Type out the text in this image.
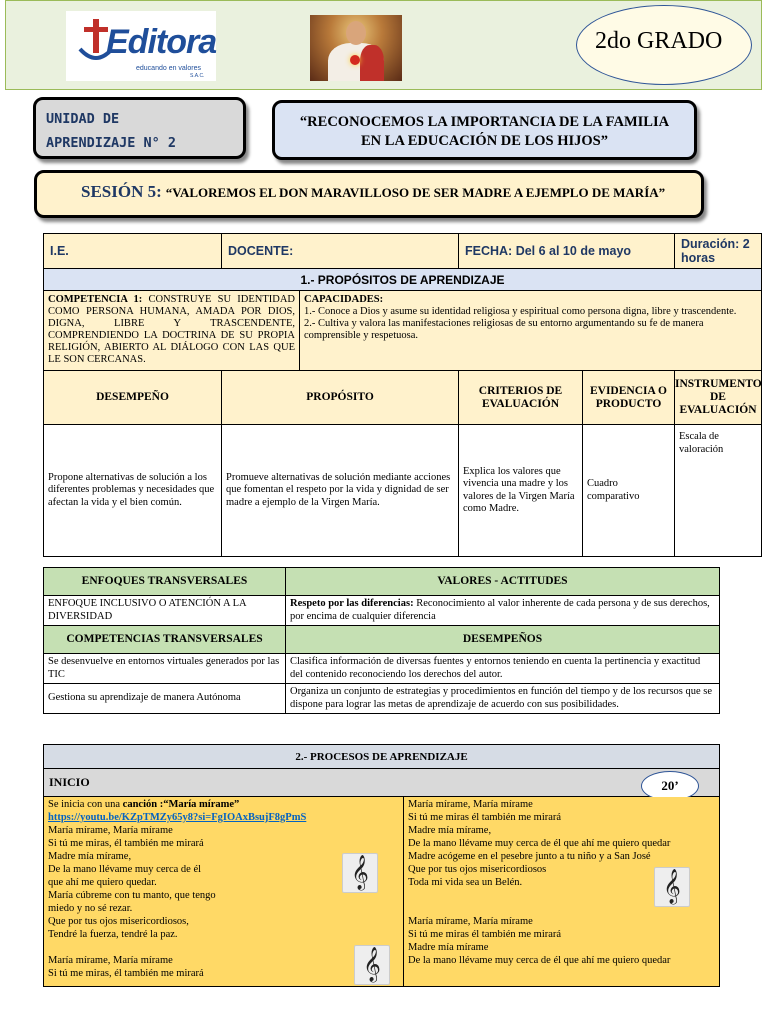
Editora
educando en valores
S.A.C.
2do GRADO
UNIDAD DE
APRENDIZAJE N° 2
“RECONOCEMOS LA IMPORTANCIA DE LA FAMILIA
EN LA EDUCACIÓN DE LOS HIJOS”
SESIÓN 5: “VALOREMOS EL DON MARAVILLOSO DE SER MADRE A EJEMPLO DE MARÍA”
I.E.	DOCENTE:		FECHA: Del 6 al 10 de mayo		Duración: 2 horas
1.- PROPÓSITOS DE APRENDIZAJE					
COMPETENCIA 1: CONSTRUYE SU IDENTIDAD COMO PERSONA HUMANA, AMADA POR DIOS, DIGNA, LIBRE Y TRASCENDENTE, COMPRENDIENDO LA DOCTRINA DE SU PROPIA RELIGIÓN, ABIERTO AL DIÁLOGO CON LAS QUE LE SON CERCANAS.		CAPACIDADES:
1.- Conoce a Dios y asume su identidad religiosa y espiritual como persona digna, libre y trascendente.
2.- Cultiva y valora las manifestaciones religiosas de su entorno argumentando su fe de manera comprensible y respetuosa.			

DESEMPEÑO	PROPÓSITO		CRITERIOS DE EVALUACIÓN	EVIDENCIA O PRODUCTO	INSTRUMENTO DE EVALUACIÓN
Propone alternativas de solución a los diferentes problemas y necesidades que afectan la vida y el bien común.	Promueve alternativas de solución mediante acciones que fomentan el respeto por la vida y dignidad de ser madre a ejemplo de la Virgen María.		Explica los valores que vivencia una madre y los valores de la Virgen María como Madre.	Cuadro comparativo	Escala de valoración
ENFOQUES TRANSVERSALES	VALORES - ACTITUDES
ENFOQUE INCLUSIVO O ATENCIÓN A LA DIVERSIDAD	Respeto por las diferencias: Reconocimiento al valor inherente de cada persona y de sus derechos, por encima de cualquier diferencia
COMPETENCIAS TRANSVERSALES	DESEMPEÑOS
Se desenvuelve en entornos virtuales generados por las TIC	Clasifica información de diversas fuentes y entornos teniendo en cuenta la pertinencia y exactitud del contenido reconociendo los derechos del autor.
Gestiona su aprendizaje de manera Autónoma	Organiza un conjunto de estrategias y procedimientos en función del tiempo y de los recursos que se dispone para lograr las metas de aprendizaje de acuerdo con sus posibilidades.
2.- PROCESOS DE APRENDIZAJE
INICIO	20’

Se inicia con una canción :“María mírame”
https://youtu.be/KZpTMZy65y8?si=FgIOAxBsujF8gPmS
María mírame, María mírame
Si tú me miras, él también me mirará
Madre mía mírame,
De la mano llévame muy cerca de él
que ahí me quiero quedar.
María cúbreme con tu manto, que tengo
miedo y no sé rezar.
Que por tus ojos misericordiosos,
Tendré la fuerza, tendré la paz.
María mírame, María mírame
Si tú me miras, él también me mirará
𝄞
𝄞

María mírame, María mírame
Si tú me miras él también me mirará
Madre mía mírame,
De la mano llévame muy cerca de él que ahí me quiero quedar
Madre acógeme en el pesebre junto a tu niño y a San José
Que por tus ojos misericordiosos
Toda mi vida sea un Belén.
María mírame, María mírame
Si tú me miras él también me mirará
Madre mía mírame
De la mano llévame muy cerca de él que ahí me quiero quedar
𝄞
